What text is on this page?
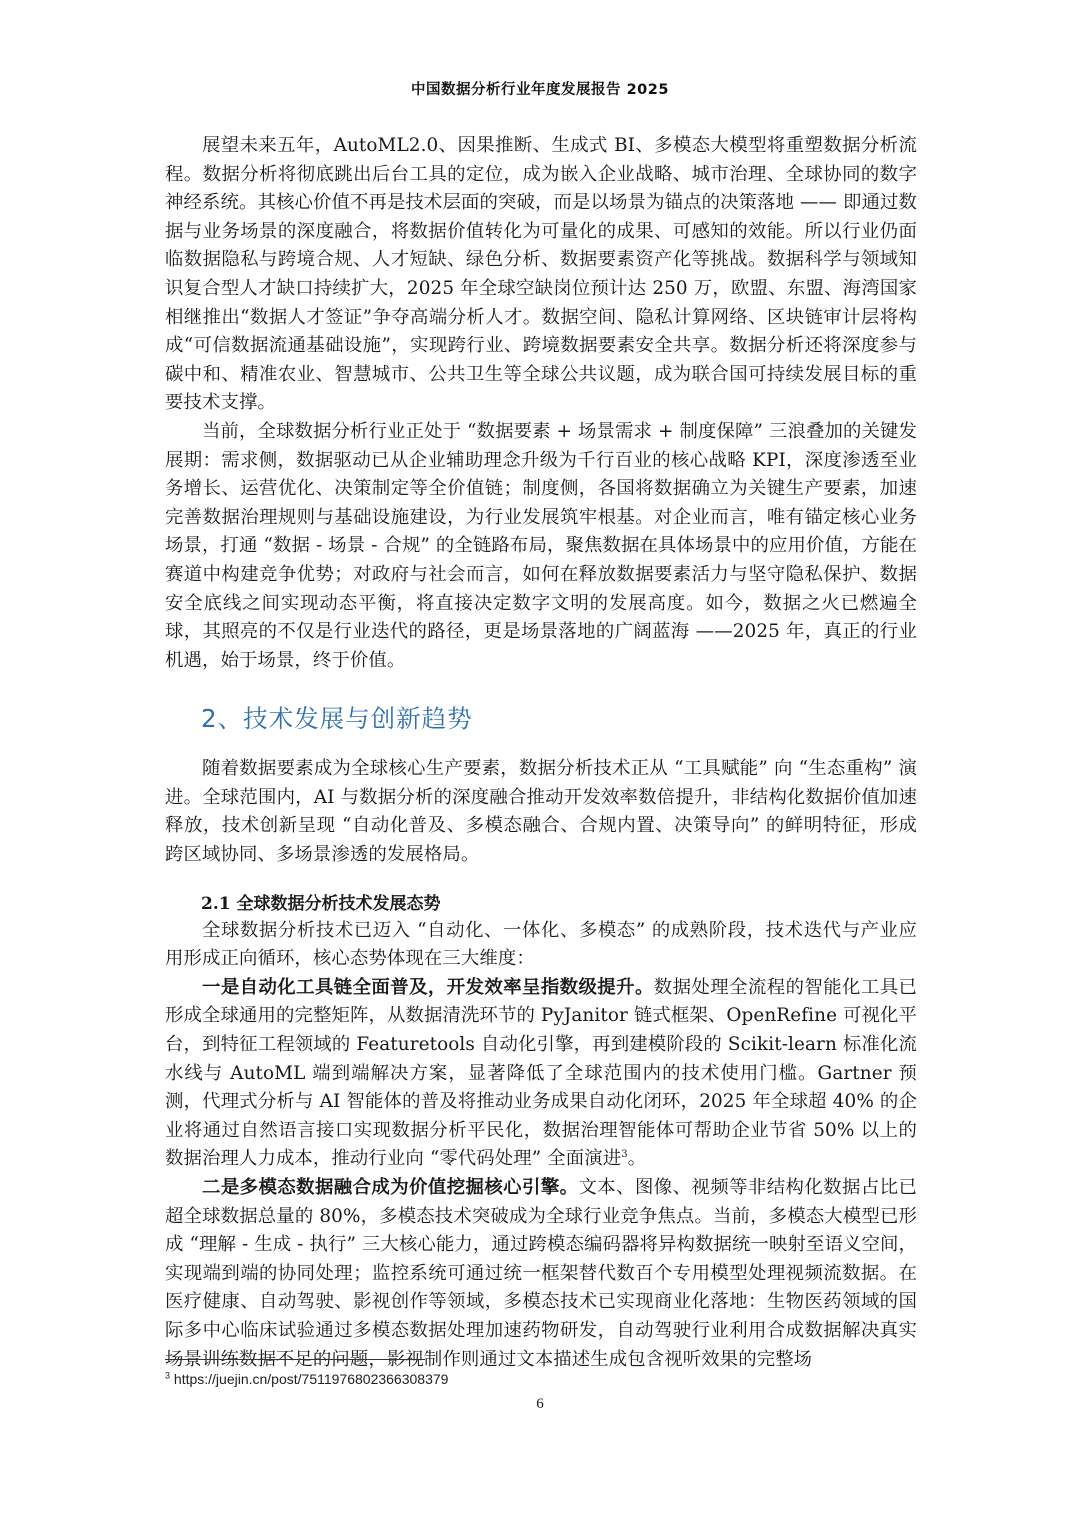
中国数据分析行业年度发展报告 2025

展望未来五年，AutoML2.0、因果推断、生成式 BI、多模态大模型将重塑数据分析流程。数据分析将彻底跳出后台工具的定位，成为嵌入企业战略、城市治理、全球协同的数字神经系统。其核心价值不再是技术层面的突破，而是以场景为锚点的决策落地 —— 即通过数据与业务场景的深度融合，将数据价值转化为可量化的成果、可感知的效能。所以行业仍面临数据隐私与跨境合规、人才短缺、绿色分析、数据要素资产化等挑战。数据科学与领域知识复合型人才缺口持续扩大，2025 年全球空缺岗位预计达 250 万，欧盟、东盟、海湾国家相继推出“数据人才签证”争夺高端分析人才。数据空间、隐私计算网络、区块链审计层将构成“可信数据流通基础设施”，实现跨行业、跨境数据要素安全共享。数据分析还将深度参与碳中和、精准农业、智慧城市、公共卫生等全球公共议题，成为联合国可持续发展目标的重要技术支撑。

当前，全球数据分析行业正处于 “数据要素 + 场景需求 + 制度保障” 三浪叠加的关键发展期：需求侧，数据驱动已从企业辅助理念升级为千行百业的核心战略 KPI，深度渗透至业务增长、运营优化、决策制定等全价值链；制度侧，各国将数据确立为关键生产要素，加速完善数据治理规则与基础设施建设，为行业发展筑牢根基。对企业而言，唯有锚定核心业务场景，打通 “数据 - 场景 - 合规” 的全链路布局，聚焦数据在具体场景中的应用价值，方能在赛道中构建竞争优势；对政府与社会而言，如何在释放数据要素活力与坚守隐私保护、数据安全底线之间实现动态平衡，将直接决定数字文明的发展高度。如今，数据之火已燃遍全球，其照亮的不仅是行业迭代的路径，更是场景落地的广阔蓝海 ——2025 年，真正的行业机遇，始于场景，终于价值。

2、技术发展与创新趋势

随着数据要素成为全球核心生产要素，数据分析技术正从 “工具赋能” 向 “生态重构” 演进。全球范围内，AI 与数据分析的深度融合推动开发效率数倍提升，非结构化数据价值加速释放，技术创新呈现 “自动化普及、多模态融合、合规内置、决策导向” 的鲜明特征，形成跨区域协同、多场景渗透的发展格局。

2.1 全球数据分析技术发展态势

全球数据分析技术已迈入 “自动化、一体化、多模态” 的成熟阶段，技术迭代与产业应用形成正向循环，核心态势体现在三大维度：

一是自动化工具链全面普及，开发效率呈指数级提升。数据处理全流程的智能化工具已形成全球通用的完整矩阵，从数据清洗环节的 PyJanitor 链式框架、OpenRefine 可视化平台，到特征工程领域的 Featuretools 自动化引擎，再到建模阶段的 Scikit-learn 标准化流水线与 AutoML 端到端解决方案，显著降低了全球范围内的技术使用门槛。Gartner 预测，代理式分析与 AI 智能体的普及将推动业务成果自动化闭环，2025 年全球超 40% 的企业将通过自然语言接口实现数据分析平民化，数据治理智能体可帮助企业节省 50% 以上的数据治理人力成本，推动行业向 “零代码处理” 全面演进$^3$。

二是多模态数据融合成为价值挖掘核心引擎。文本、图像、视频等非结构化数据占比已超全球数据总量的 80%，多模态技术突破成为全球行业竞争焦点。当前，多模态大模型已形成 “理解 - 生成 - 执行” 三大核心能力，通过跨模态编码器将异构数据统一映射至语义空间，实现端到端的协同处理；监控系统可通过统一框架替代数百个专用模型处理视频流数据。在医疗健康、自动驾驶、影视创作等领域，多模态技术已实现商业化落地：生物医药领域的国际多中心临床试验通过多模态数据处理加速药物研发，自动驾驶行业利用合成数据解决真实场景训练数据不足的问题，影视制作则通过文本描述生成包含视听效果的完整场

$^3$ https://juejin.cn/post/7511976802366308379
6
